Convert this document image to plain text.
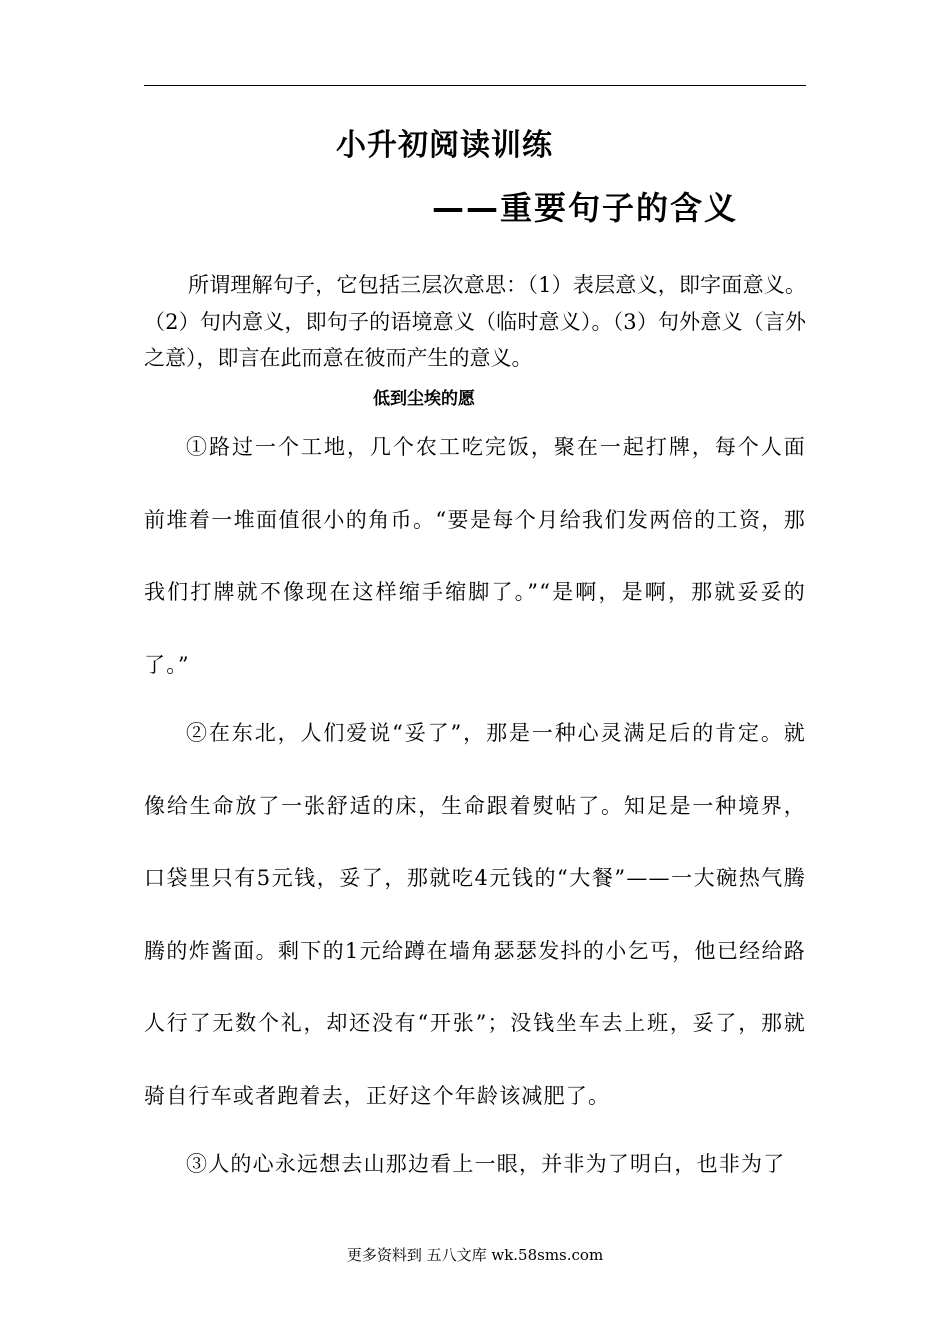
小升初阅读训练
——重要句子的含义

所谓理解句子，它包括三层次意思：（1）表层意义，即字面意义。（2）句内意义，即句子的语境意义（临时意义）。（3）句外意义（言外之意），即言在此而意在彼而产生的意义。

低到尘埃的愿

①路过一个工地，几个农工吃完饭，聚在一起打牌，每个人面前堆着一堆面值很小的角币。“要是每个月给我们发两倍的工资，那我们打牌就不像现在这样缩手缩脚了。”“是啊，是啊，那就妥妥的了。”

②在东北，人们爱说“妥了”，那是一种心灵满足后的肯定。就像给生命放了一张舒适的床，生命跟着熨帖了。知足是一种境界，口袋里只有5元钱，妥了，那就吃4元钱的“大餐”——一大碗热气腾腾的炸酱面。剩下的1元给蹲在墙角瑟瑟发抖的小乞丐，他已经给路人行了无数个礼，却还没有“开张”；没钱坐车去上班，妥了，那就骑自行车或者跑着去，正好这个年龄该减肥了。

③人的心永远想去山那边看上一眼，并非为了明白，也非为了

更多资料到 五八文库 wk.58sms.com
